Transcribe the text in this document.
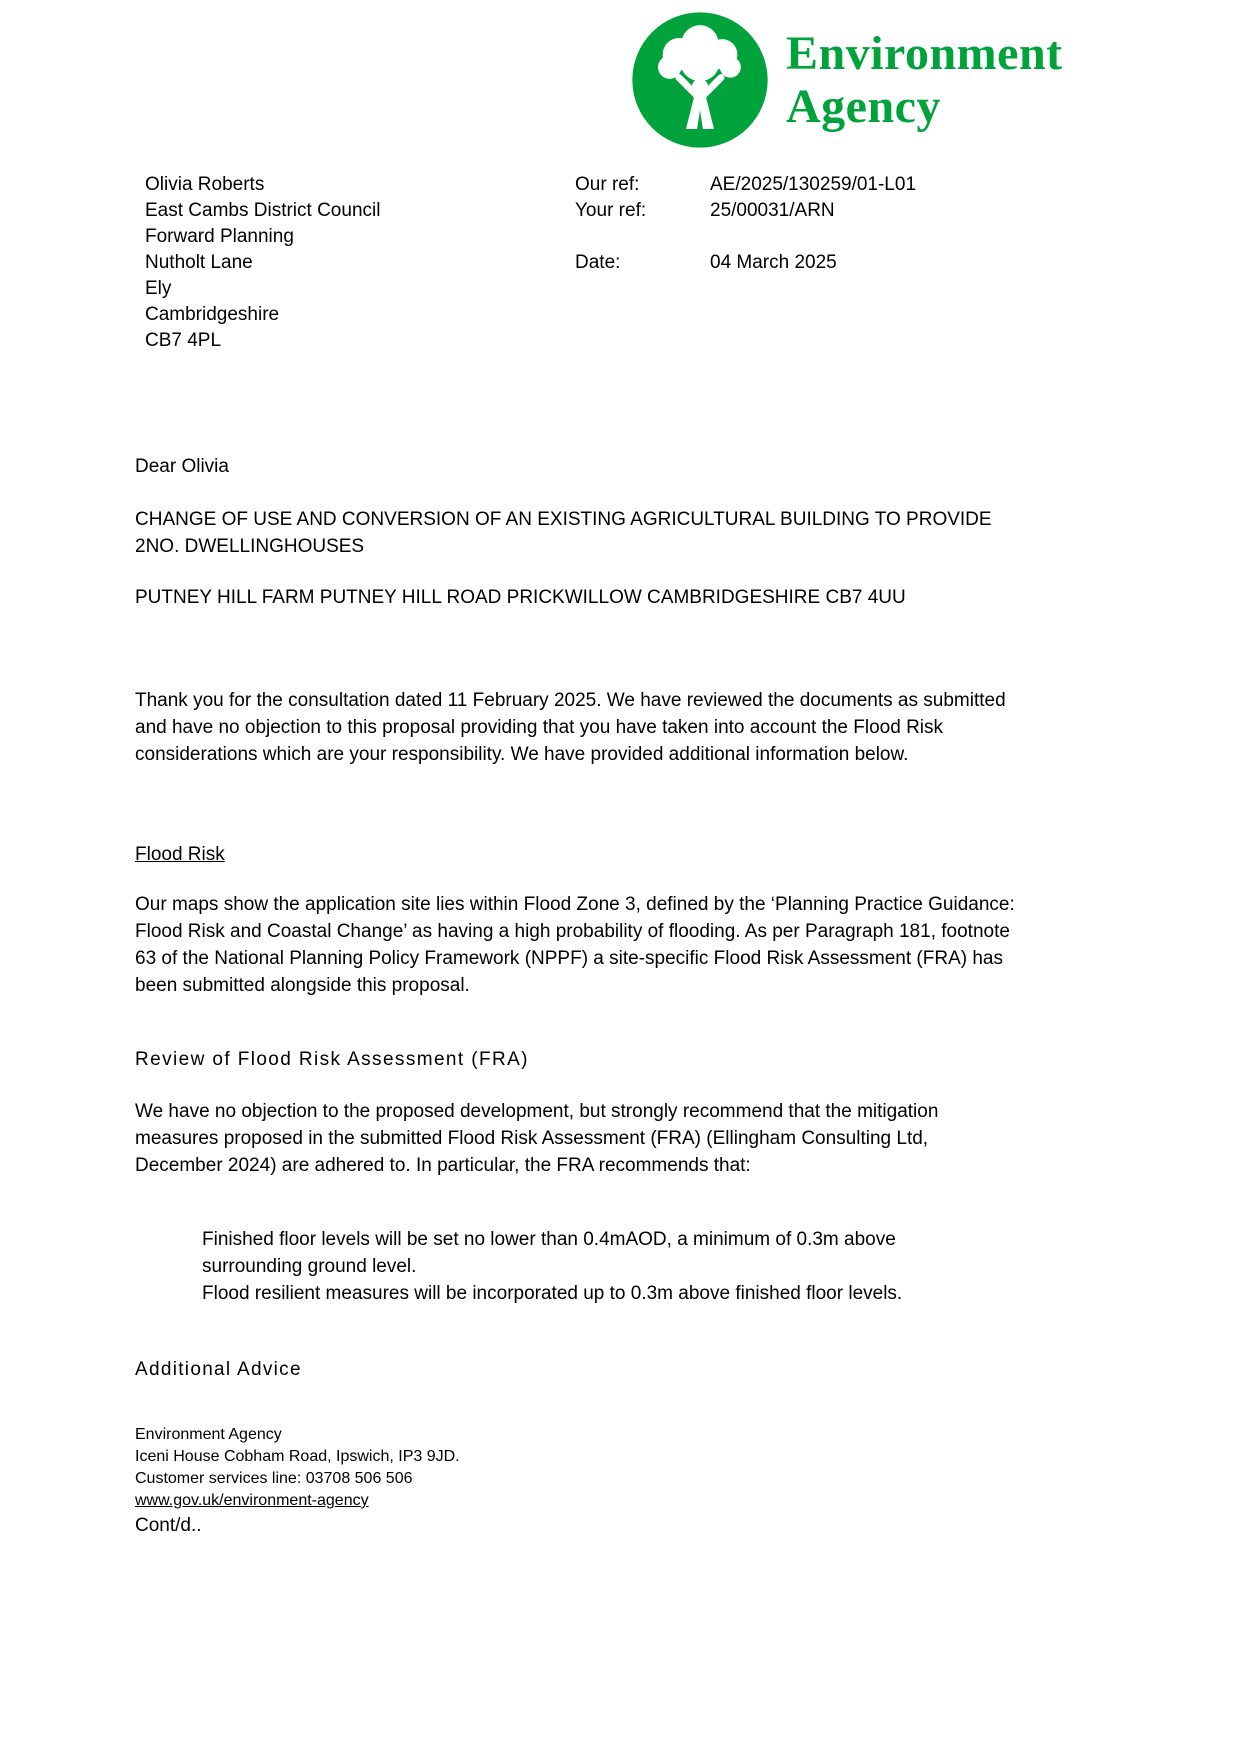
Environment
Agency
Olivia Roberts
East Cambs District Council
Forward Planning
Nutholt Lane
Ely
Cambridgeshire
CB7 4PL
Our ref:	AE/2025/130259/01-L01
Your ref:	25/00031/ARN
Date:	04 March 2025
Dear Olivia
CHANGE OF USE AND CONVERSION OF AN EXISTING AGRICULTURAL BUILDING TO PROVIDE 2NO. DWELLINGHOUSES
PUTNEY HILL FARM PUTNEY HILL ROAD PRICKWILLOW CAMBRIDGESHIRE CB7 4UU
Thank you for the consultation dated 11 February 2025. We have reviewed the documents as submitted and have no objection to this proposal providing that you have taken into account the Flood Risk considerations which are your responsibility. We have provided additional information below.
Flood Risk
Our maps show the application site lies within Flood Zone 3, defined by the ‘Planning Practice Guidance: Flood Risk and Coastal Change’ as having a high probability of flooding. As per Paragraph 181, footnote 63 of the National Planning Policy Framework (NPPF) a site-specific Flood Risk Assessment (FRA) has been submitted alongside this proposal.
Review of Flood Risk Assessment (FRA)
We have no objection to the proposed development, but strongly recommend that the mitigation measures proposed in the submitted Flood Risk Assessment (FRA) (Ellingham Consulting Ltd, December 2024) are adhered to. In particular, the FRA recommends that:
Finished floor levels will be set no lower than 0.4mAOD, a minimum of 0.3m above surrounding ground level.
Flood resilient measures will be incorporated up to 0.3m above finished floor levels.
Additional Advice
Environment Agency
Iceni House Cobham Road, Ipswich, IP3 9JD.
Customer services line: 03708 506 506
www.gov.uk/environment-agency
Cont/d..
